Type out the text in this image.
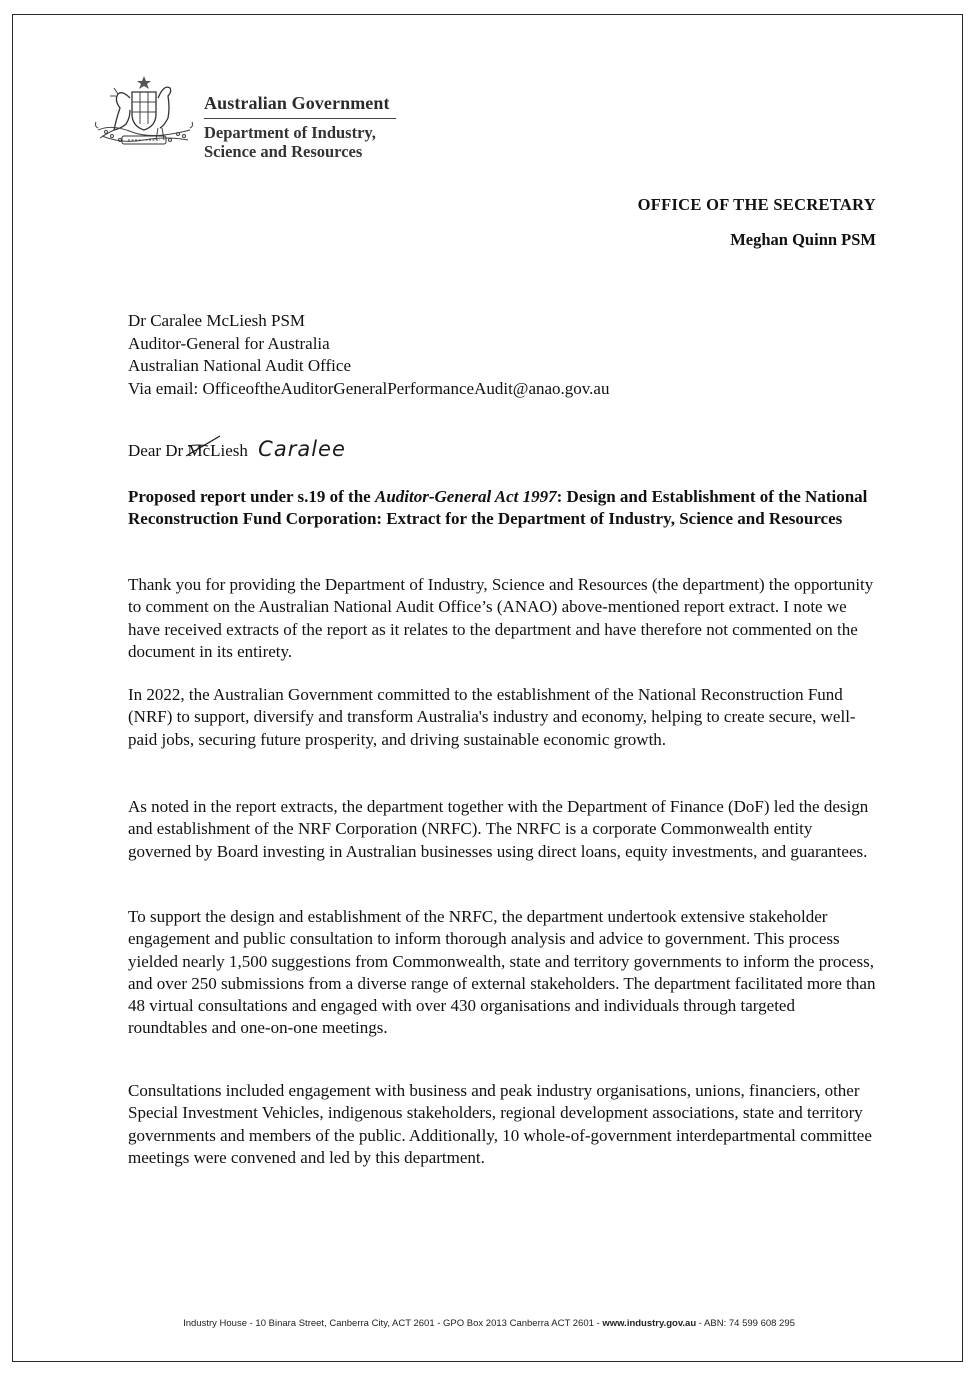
Australian Government
Department of Industry,
Science and Resources
OFFICE OF THE SECRETARY
Meghan Quinn PSM
Dr Caralee McLiesh PSM
Auditor-General for Australia
Australian National Audit Office
Via email: OfficeoftheAuditorGeneralPerformanceAudit@anao.gov.au
Dear Dr Mc
Liesh Caralee
Proposed report under s.19 of the Auditor-General Act 1997: Design and Establishment of the National Reconstruction Fund Corporation: Extract for the Department of Industry, Science and Resources

Thank you for providing the Department of Industry, Science and Resources (the department) the opportunity to comment on the Australian National Audit Office’s (ANAO) above-mentioned report extract. I note we have received extracts of the report as it relates to the department and have therefore not commented on the document in its entirety.

In 2022, the Australian Government committed to the establishment of the National Reconstruction Fund (NRF) to support, diversify and transform Australia's industry and economy, helping to create secure, well-paid jobs, securing future prosperity, and driving sustainable economic growth.

As noted in the report extracts, the department together with the Department of Finance (DoF) led the design and establishment of the NRF Corporation (NRFC). The NRFC is a corporate Commonwealth entity governed by Board investing in Australian businesses using direct loans, equity investments, and guarantees.

To support the design and establishment of the NRFC, the department undertook extensive stakeholder engagement and public consultation to inform thorough analysis and advice to government. This process yielded nearly 1,500 suggestions from Commonwealth, state and territory governments to inform the process, and over 250 submissions from a diverse range of external stakeholders. The department facilitated more than 48 virtual consultations and engaged with over 430 organisations and individuals through targeted roundtables and one-on-one meetings.

Consultations included engagement with business and peak industry organisations, unions, financiers, other Special Investment Vehicles, indigenous stakeholders, regional development associations, state and territory governments and members of the public. Additionally, 10 whole-of-government interdepartmental committee meetings were convened and led by this department.

Industry House - 10 Binara Street, Canberra City, ACT 2601 - GPO Box 2013 Canberra ACT 2601 - www.industry.gov.au - ABN: 74 599 608 295
